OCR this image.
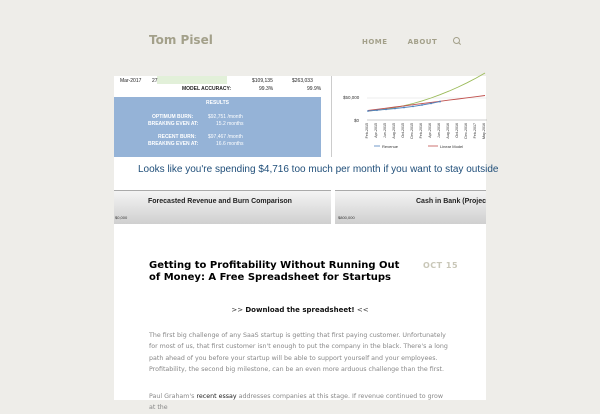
Tom Pisel	HOME	ABOUT
Mar-2017 27	$109,135	$263,033
MODEL ACCURACY:	99.3%	99.9%
RESULTS
OPTIMUM BURN:	$92,751 /month
BREAKING EVEN AT:	15.2 months
RECENT BURN: $97,467 /month
BREAKING EVEN AT:	16.6 months
$50,000
$0
Feb-2015 Apr-2015 Jun-2015 Aug-2015 Oct-2015 Dec-2015 Feb-2016 Apr-2016 Jun-2016 Aug-2016 Oct-2016 Dec-2016 Feb-2017 May-2016
Revenue	Linear Model
Looks like you're spending $4,716 too much per month if you want to stay outside
Forecasted Revenue and Burn Comparison
$0,000
Cash in Bank (Projec
$800,000
Getting to Profitability Without Running Out of Money: A Free Spreadsheet for Startups
OCT 15
>> Download the spreadsheet! <<

The first big challenge of any SaaS startup is getting that first paying customer. Unfortunately for most of us, that first customer isn't enough to put the company in the black. There's a long path ahead of you before your startup will be able to support yourself and your employees. Profitability, the second big milestone, can be an even more arduous challenge than the first.

Paul Graham's recent essay addresses companies at this stage. If revenue continued to grow at the
